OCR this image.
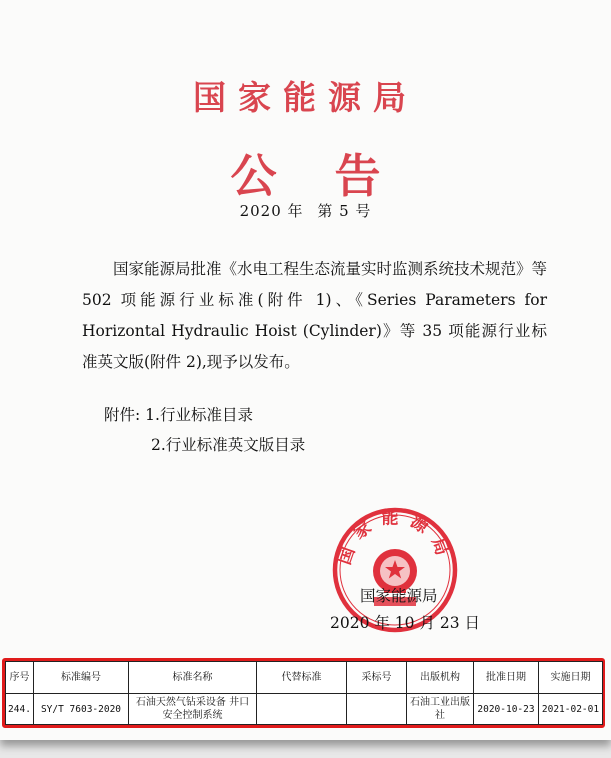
国家能源局
公告
2020 年 第 5 号
国家能源局批准《水电工程生态流量实时监测系统技术规范》等 502 项能源行业标准(附件 1)、《Series Parameters for Horizontal Hydraulic Hoist (Cylinder)》等 35 项能源行业标准英文版(附件 2),现予以发布。
附件: 1.行业标准目录
2.行业标准英文版目录
国家能源局
国家能源局
2020 年 10 月 23 日
序号	标准编号	标准名称	代替标准	采标号	出版机构	批准日期	实施日期
244.	SY/T 7603-2020	石油天然气钻采设备 井口安全控制系统			石油工业出版社	2020-10-23	2021-02-01
